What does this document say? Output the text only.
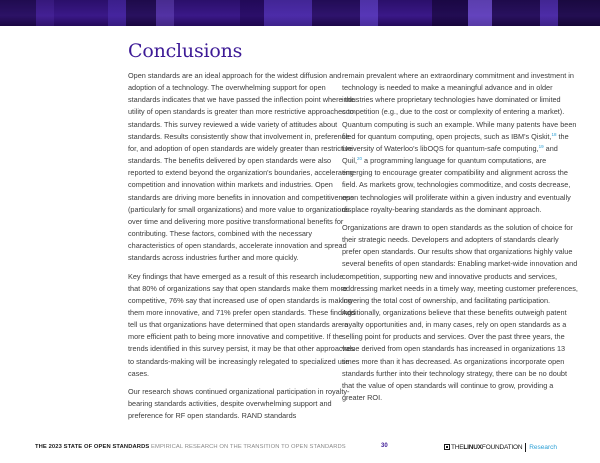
Conclusions

Open standards are an ideal approach for the widest diffusion and adoption of a technology. The overwhelming support for open standards indicates that we have passed the inflection point where the utility of open standards is greater than more restrictive approaches to standards. This survey reviewed a wide variety of attitudes about standards. Results consistently show that involvement in, preference for, and adoption of open standards are widely greater than restrictive standards. The benefits delivered by open standards were also reported to extend beyond the organization's boundaries, accelerating competition and innovation within markets and industries. Open standards are driving more benefits in innovation and competitiveness (particularly for small organizations) and more value to organizations over time and delivering more positive transformational benefits for contributing. These factors, combined with the necessary characteristics of open standards, accelerate innovation and spread standards across industries further and more quickly.

Key findings that have emerged as a result of this research include that 80% of organizations say that open standards make them more competitive, 76% say that increased use of open standards is making them more innovative, and 71% prefer open standards. These findings tell us that organizations have determined that open standards are a more efficient path to being more innovative and competitive. If the trends identified in this survey persist, it may be that other approaches to standards-making will be increasingly relegated to specialized use cases.

Our research shows continued organizational participation in royalty-bearing standards activities, despite overwhelming support and preference for RF open standards. RAND standards

remain prevalent where an extraordinary commitment and investment in technology is needed to make a meaningful advance and in older industries where proprietary technologies have dominated or limited competition (e.g., due to the cost or complexity of entering a market). Quantum computing is such an example. While many patents have been filed for quantum computing, open projects, such as IBM's Qiskit,$^{18}$ the University of Waterloo's libOQS for quantum-safe computing,$^{19}$ and Quil,$^{20}$ a programming language for quantum computations, are emerging to encourage greater compatibility and alignment across the field. As markets grow, technologies commoditize, and costs decrease, open technologies will proliferate within a given industry and eventually displace royalty-bearing standards as the dominant approach.

Organizations are drawn to open standards as the solution of choice for their strategic needs. Developers and adopters of standards clearly prefer open standards. Our results show that organizations highly value several benefits of open standards: Enabling market-wide innovation and competition, supporting new and innovative products and services, addressing market needs in a timely way, meeting customer preferences, lowering the total cost of ownership, and facilitating participation. Additionally, organizations believe that these benefits outweigh patent royalty opportunities and, in many cases, rely on open standards as a selling point for products and services. Over the past three years, the value derived from open standards has increased in organizations 13 times more than it has decreased. As organizations incorporate open standards further into their technology strategy, there can be no doubt that the value of open standards will continue to grow, providing a greater ROI.

THE 2023 STATE OF OPEN STANDARDS EMPIRICAL RESEARCH ON THE TRANSITION TO OPEN STANDARDS	30	THE LINUX FOUNDATION Research
